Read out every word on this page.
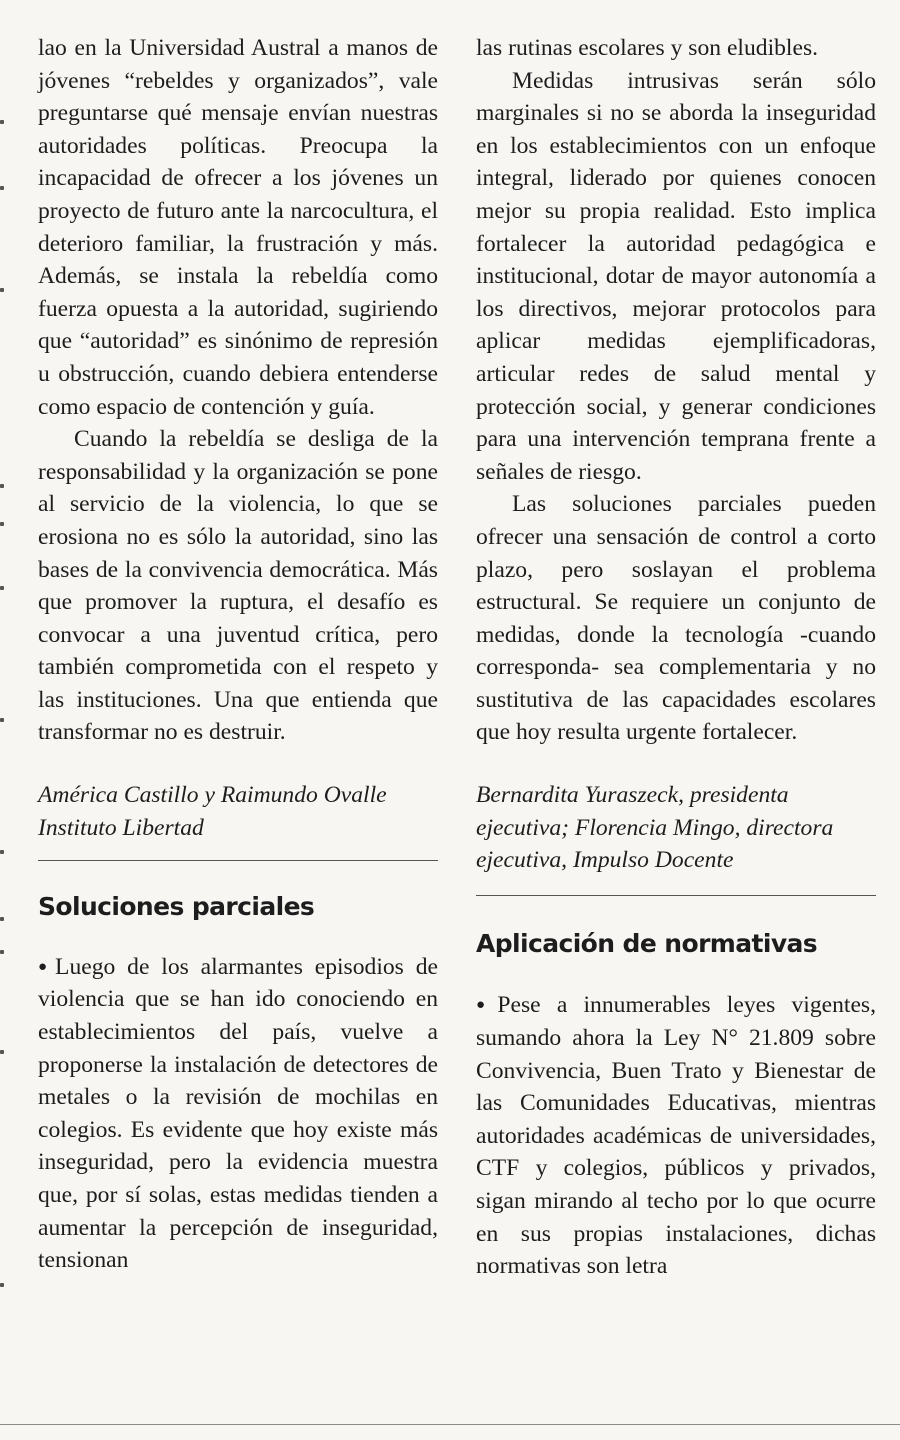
lao en la Universidad Austral a manos de jóvenes “rebeldes y organizados”, vale preguntarse qué mensaje envían nuestras autoridades políticas. Preocupa la incapacidad de ofrecer a los jóvenes un proyecto de futuro ante la narcocultura, el deterioro familiar, la frustración y más. Además, se instala la rebeldía como fuerza opuesta a la autoridad, sugiriendo que “autoridad” es sinónimo de represión u obstrucción, cuando debiera entenderse como espacio de contención y guía.

Cuando la rebeldía se desliga de la responsabilidad y la organización se pone al servicio de la violencia, lo que se erosiona no es sólo la autoridad, sino las bases de la convivencia democrática. Más que promover la ruptura, el desafío es convocar a una juventud crítica, pero también comprometida con el respeto y las instituciones. Una que entienda que transformar no es destruir.

América Castillo y Raimundo Ovalle

Instituto Libertad

Soluciones parciales

●Luego de los alarmantes episodios de violencia que se han ido conociendo en establecimientos del país, vuelve a proponerse la instalación de detectores de metales o la revisión de mochilas en colegios. Es evidente que hoy existe más inseguridad, pero la evidencia muestra que, por sí solas, estas medidas tienden a aumentar la percepción de inseguridad, tensionan

las rutinas escolares y son eludibles.

Medidas intrusivas serán sólo marginales si no se aborda la inseguridad en los establecimientos con un enfoque integral, liderado por quienes conocen mejor su propia realidad. Esto implica fortalecer la autoridad pedagógica e institucional, dotar de mayor autonomía a los directivos, mejorar protocolos para aplicar medidas ejemplificadoras, articular redes de salud mental y protección social, y generar condiciones para una intervención temprana frente a señales de riesgo.

Las soluciones parciales pueden ofrecer una sensación de control a corto plazo, pero soslayan el problema estructural. Se requiere un conjunto de medidas, donde la tecnología -cuando corresponda- sea complementaria y no sustitutiva de las capacidades escolares que hoy resulta urgente fortalecer.

Bernardita Yuraszeck, presidenta

ejecutiva; Florencia Mingo, directora

ejecutiva, Impulso Docente

Aplicación de normativas

●Pese a innumerables leyes vigentes, sumando ahora la Ley N° 21.809 sobre Convivencia, Buen Trato y Bienestar de las Comunidades Educativas, mientras autoridades académicas de universidades, CTF y colegios, públicos y privados, sigan mirando al techo por lo que ocurre en sus propias instalaciones, dichas normativas son letra
